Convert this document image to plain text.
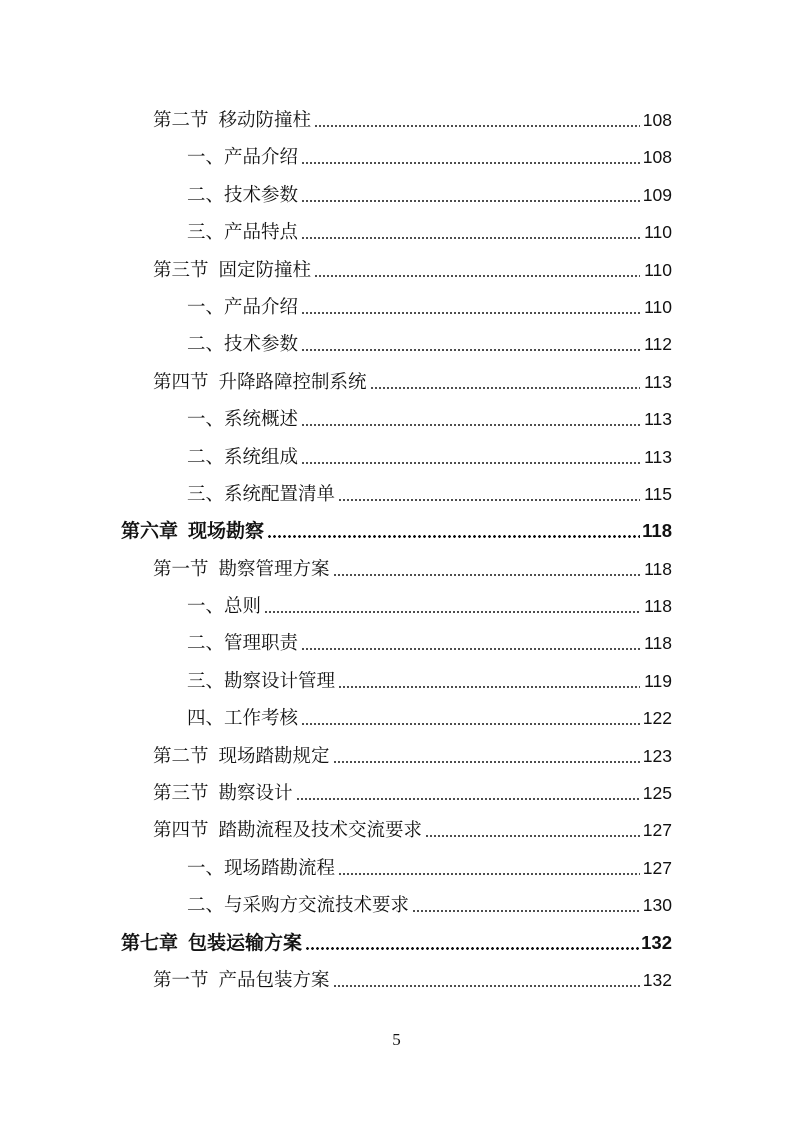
第二节 移动防撞柱	108
一、 产品介绍	108
二、 技术参数	109
三、 产品特点	110
第三节 固定防撞柱	110
一、 产品介绍	110
二、 技术参数	112
第四节 升降路障控制系统	113
一、 系统概述	113
二、 系统组成	113
三、 系统配置清单	115
第六章 现场勘察	118
第一节 勘察管理方案	118
一、 总则	118
二、 管理职责	118
三、 勘察设计管理	119
四、 工作考核	122
第二节 现场踏勘规定	123
第三节 勘察设计	125
第四节 踏勘流程及技术交流要求	127
一、 现场踏勘流程	127
二、 与采购方交流技术要求	130
第七章 包装运输方案	132
第一节 产品包装方案	132
5
